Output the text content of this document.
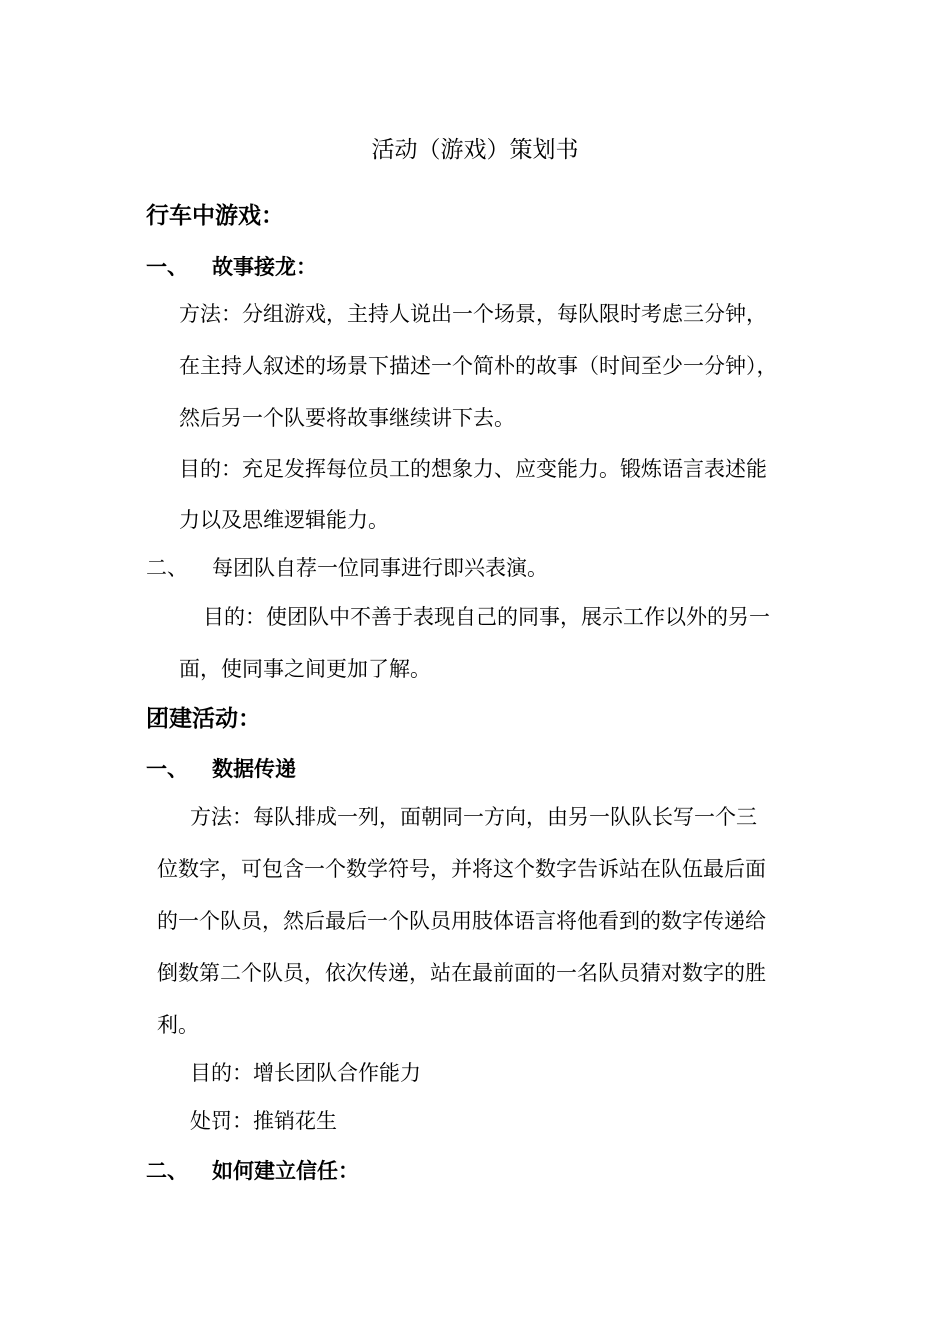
活动（游戏）策划书
行车中游戏：
一、 故事接龙：
方法：分组游戏，主持人说出一个场景，每队限时考虑三分钟，
在主持人叙述的场景下描述一个简朴的故事（时间至少一分钟），
然后另一个队要将故事继续讲下去。
目的：充足发挥每位员工的想象力、应变能力。锻炼语言表述能
力以及思维逻辑能力。
二、 每团队自荐一位同事进行即兴表演。
目的：使团队中不善于表现自己的同事，展示工作以外的另一
面，使同事之间更加了解。
团建活动：
一、 数据传递
方法：每队排成一列，面朝同一方向，由另一队队长写一个三
位数字，可包含一个数学符号，并将这个数字告诉站在队伍最后面
的一个队员，然后最后一个队员用肢体语言将他看到的数字传递给
倒数第二个队员，依次传递，站在最前面的一名队员猜对数字的胜
利。
目的：增长团队合作能力
处罚：推销花生
二、 如何建立信任：
